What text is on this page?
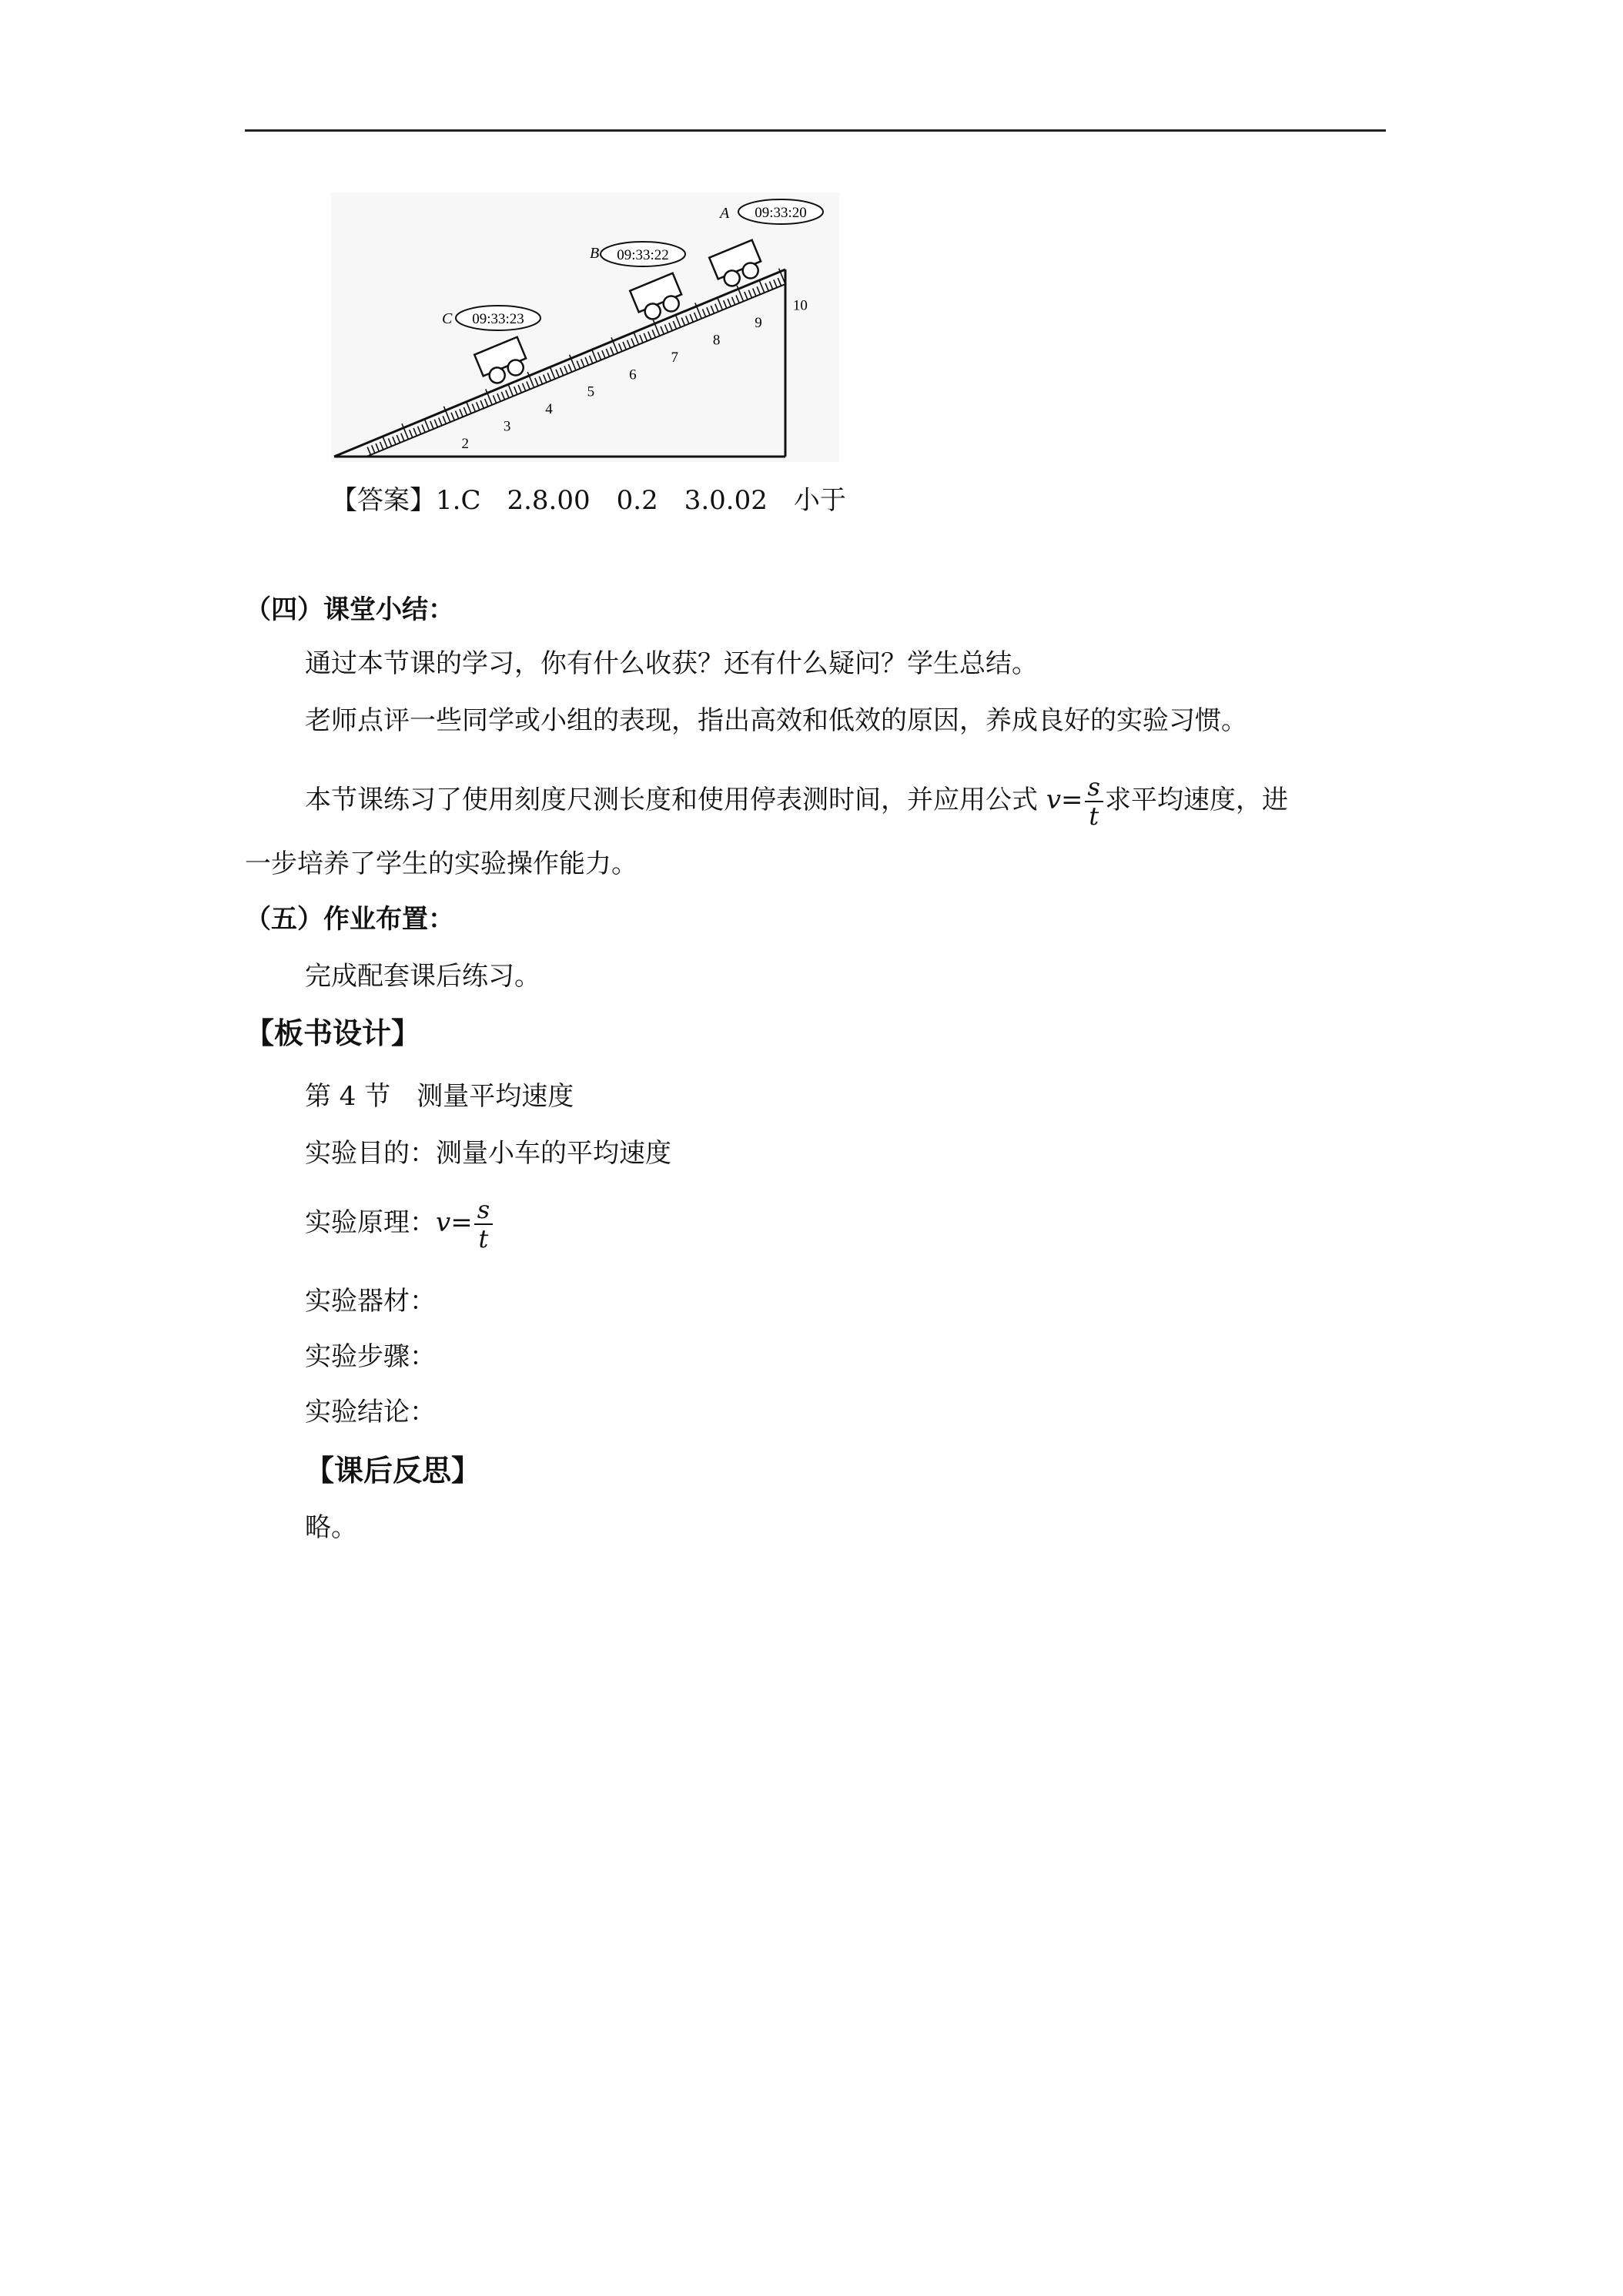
2
3
4
5
6
7
8
9
10
A 09:33:20
B 09:33:22
C 09:33:23
【答案】1.C 2.8.00 0.2 3.0.02 小于
（四）课堂小结：
通过本节课的学习，你有什么收获？还有什么疑问？学生总结。
老师点评一些同学或小组的表现，指出高效和低效的原因，养成良好的实验习惯。
本节课练习了使用刻度尺测长度和使用停表测时间，并应用公式 $v= \frac{s}{t}$ 求平均速度，进
一步培养了学生的实验操作能力。
（五）作业布置：
完成配套课后练习。
【板书设计】
第 4 节　测量平均速度
实验目的：测量小车的平均速度
实验原理：$v= \frac{s}{t}$
实验器材：
实验步骤：
实验结论：
【课后反思】
略。
